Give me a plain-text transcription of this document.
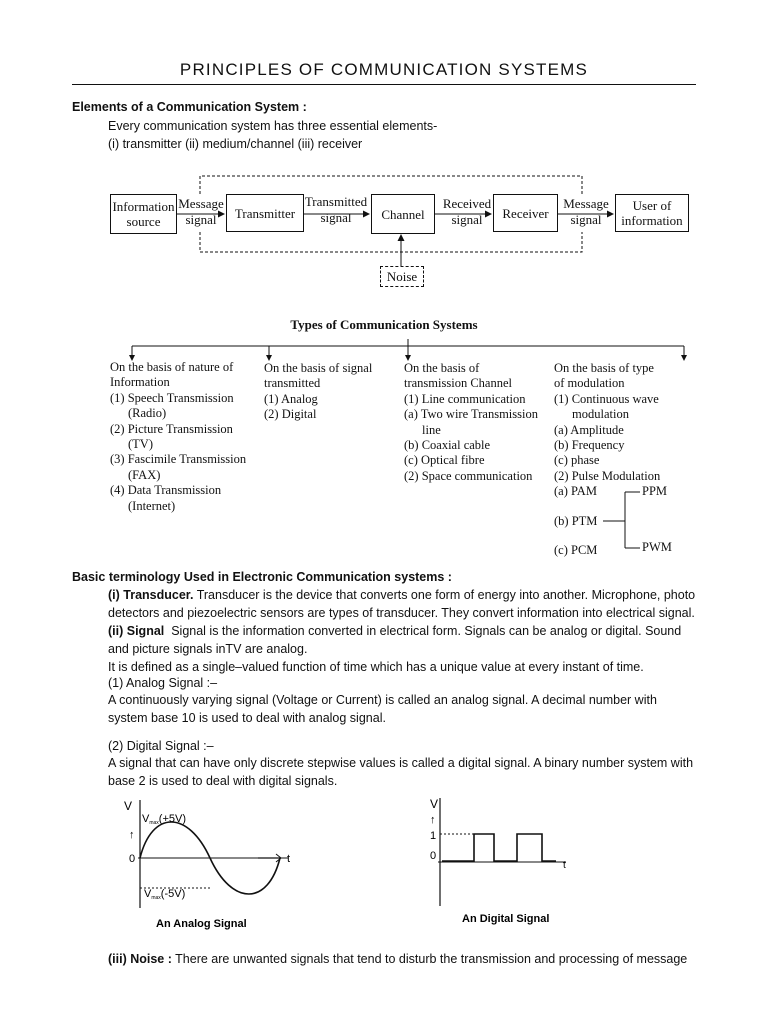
PRINCIPLES OF COMMUNICATION SYSTEMS
Elements of a Communication System :
Every communication system has three essential elements-
(i) transmitter (ii) medium/channel (iii) receiver
Information
source
Message
signal	Transmitter
Transmitted
signal	Channel
Received
signal	Receiver
Message
signal
User of
information
Noise
Types of Communication Systems
On the basis of nature of
Information
(1) Speech Transmission
(Radio)
(2) Picture Transmission
(TV)
(3) Fascimile Transmission
(FAX)
(4) Data Transmission
(Internet)
On the basis of signal
transmitted
(1) Analog
(2) Digital
On the basis of
transmission Channel
(1) Line communication
(a) Two wire Transmission
line
(b) Coaxial cable
(c) Optical fibre
(2) Space communication
On the basis of type
of modulation
(1) Continuous wave
modulation
(a) Amplitude
(b) Frequency
(c) phase
(2) Pulse Modulation
(a) PAM
(b) PTM
(c) PCM
PPM
PWM
Basic terminology Used in Electronic Communication systems :
(i) Transducer. Transducer is the device that converts one form of energy into another. Microphone, photo detectors and piezoelectric sensors are types of transducer. They convert information into electrical signal.
(ii) Signal Signal is the information converted in electrical form. Signals can be analog or digital. Sound and picture signals inTV are analog.
It is defined as a single–valued function of time which has a unique value at every instant of time.
(1) Analog Signal :–
A continuously varying signal (Voltage or Current) is called an analog signal. A decimal number with system base 10 is used to deal with analog signal.
(2) Digital Signal :–
A signal that can have only discrete stepwise values is called a digital signal. A binary number system with base 2 is used to deal with digital signals.
V
Vmax(+5V)
↑
0	t
Vmax(-5V)
An Analog Signal
V
↑
1
0
t
An Digital Signal
(iii) Noise : There are unwanted signals that tend to disturb the transmission and processing of message
